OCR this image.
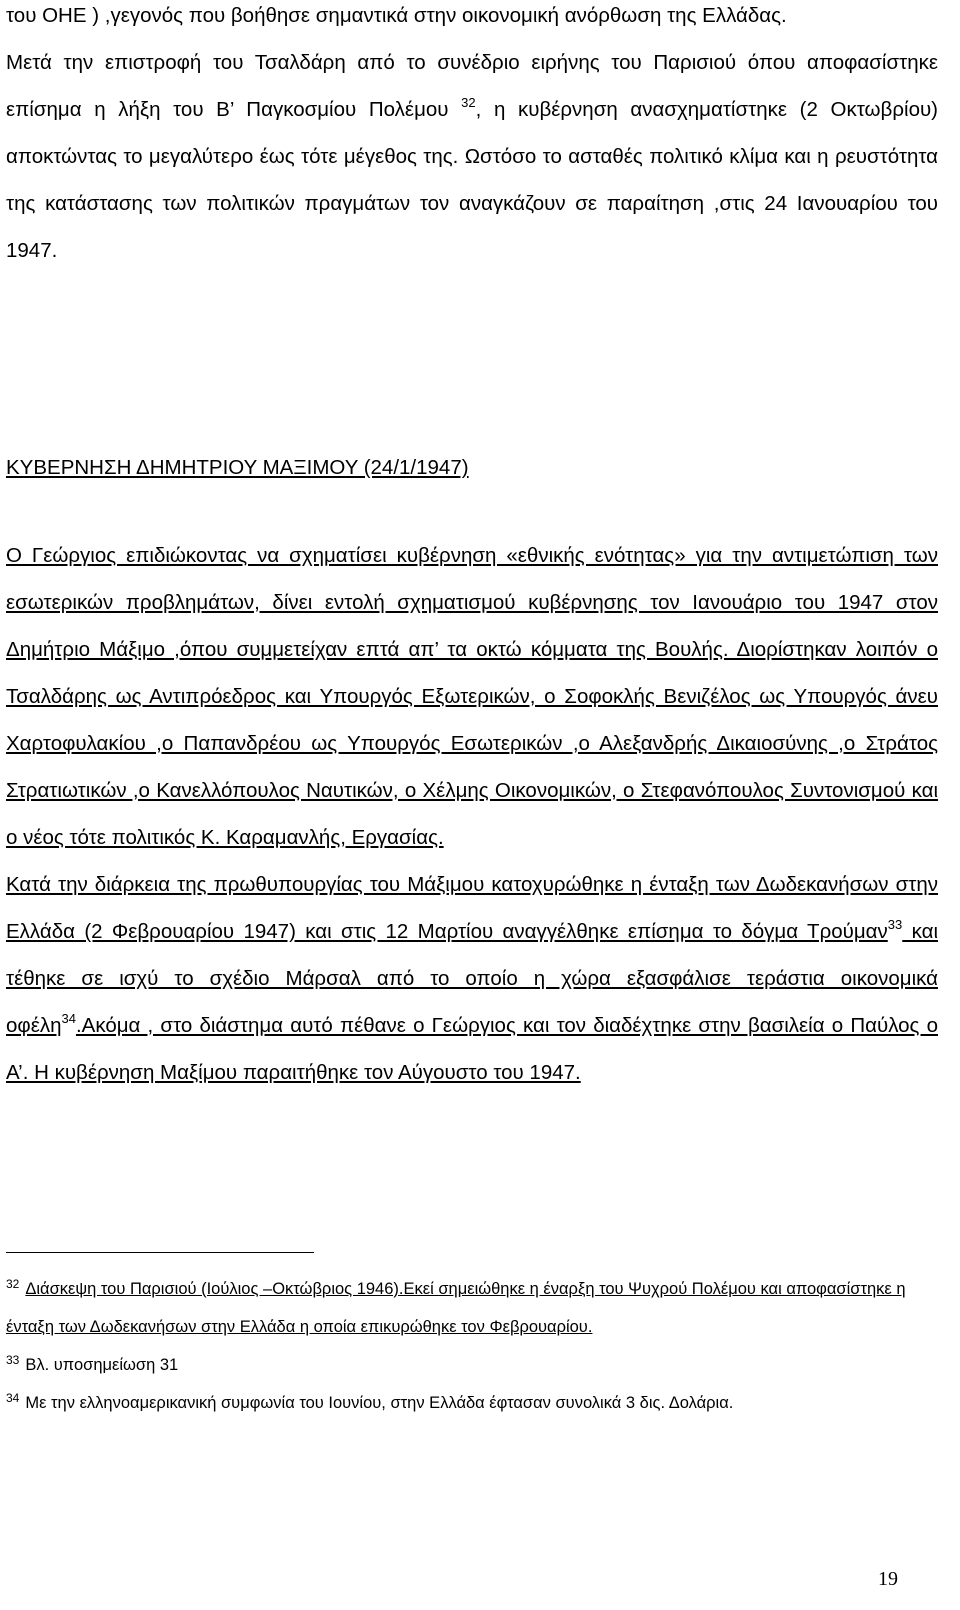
του ΟΗΕ ) ,γεγονός που βοήθησε σημαντικά στην οικονομική ανόρθωση της Ελλάδας.
Μετά την επιστροφή του Τσαλδάρη από το συνέδριο ειρήνης του Παρισιού όπου αποφασίστηκε επίσημα η λήξη του Β’ Παγκοσμίου Πολέμου $^{32}$, η κυβέρνηση ανασχηματίστηκε (2 Οκτωβρίου) αποκτώντας το μεγαλύτερο έως τότε μέγεθος της. Ωστόσο το ασταθές πολιτικό κλίμα και η ρευστότητα της κατάστασης των πολιτικών πραγμάτων τον αναγκάζουν σε παραίτηση ,στις 24 Ιανουαρίου του 1947.

ΚΥΒΕΡΝΗΣΗ ΔΗΜΗΤΡΙΟΥ ΜΑΞΙΜΟΥ (24/1/1947)

Ο Γεώργιος επιδιώκοντας να σχηματίσει κυβέρνηση «εθνικής ενότητας» για την αντιμετώπιση των εσωτερικών προβλημάτων, δίνει εντολή σχηματισμού κυβέρνησης τον Ιανουάριο του 1947 στον Δημήτριο Μάξιμο ,όπου συμμετείχαν επτά απ’ τα οκτώ κόμματα της Βουλής. Διορίστηκαν λοιπόν ο Τσαλδάρης ως Αντιπρόεδρος και Υπουργός Εξωτερικών, ο Σοφοκλής Βενιζέλος ως Υπουργός άνευ Χαρτοφυλακίου ,ο Παπανδρέου ως Υπουργός Εσωτερικών ,ο Αλεξανδρής Δικαιοσύνης ,ο Στράτος Στρατιωτικών ,ο Κανελλόπουλος Ναυτικών, ο Χέλμης Οικονομικών, ο Στεφανόπουλος Συντονισμού και ο νέος τότε πολιτικός Κ. Καραμανλής, Εργασίας.
Κατά την διάρκεια της πρωθυπουργίας του Μάξιμου κατοχυρώθηκε η ένταξη των Δωδεκανήσων στην Ελλάδα (2 Φεβρουαρίου 1947) και στις 12 Μαρτίου αναγγέλθηκε επίσημα το δόγμα Τρούμαν$^{33}$ και τέθηκε σε ισχύ το σχέδιο Μάρσαλ από το οποίο η χώρα εξασφάλισε τεράστια οικονομικά οφέλη$^{34}$.Ακόμα , στο διάστημα αυτό πέθανε ο Γεώργιος και τον διαδέχτηκε στην βασιλεία ο Παύλος ο Α’. Η κυβέρνηση Μαξίμου παραιτήθηκε τον Αύγουστο του 1947.

$^{32}$ Διάσκεψη του Παρισιού (Ιούλιος –Οκτώβριος 1946).Εκεί σημειώθηκε η έναρξη του Ψυχρού Πολέμου και αποφασίστηκε η ένταξη των Δωδεκανήσων στην Ελλάδα η οποία επικυρώθηκε τον Φεβρουαρίου.

$^{33}$ Βλ. υποσημείωση 31

$^{34}$ Με την ελληνοαμερικανική συμφωνία του Ιουνίου, στην Ελλάδα έφτασαν συνολικά 3 δις. Δολάρια.

19
